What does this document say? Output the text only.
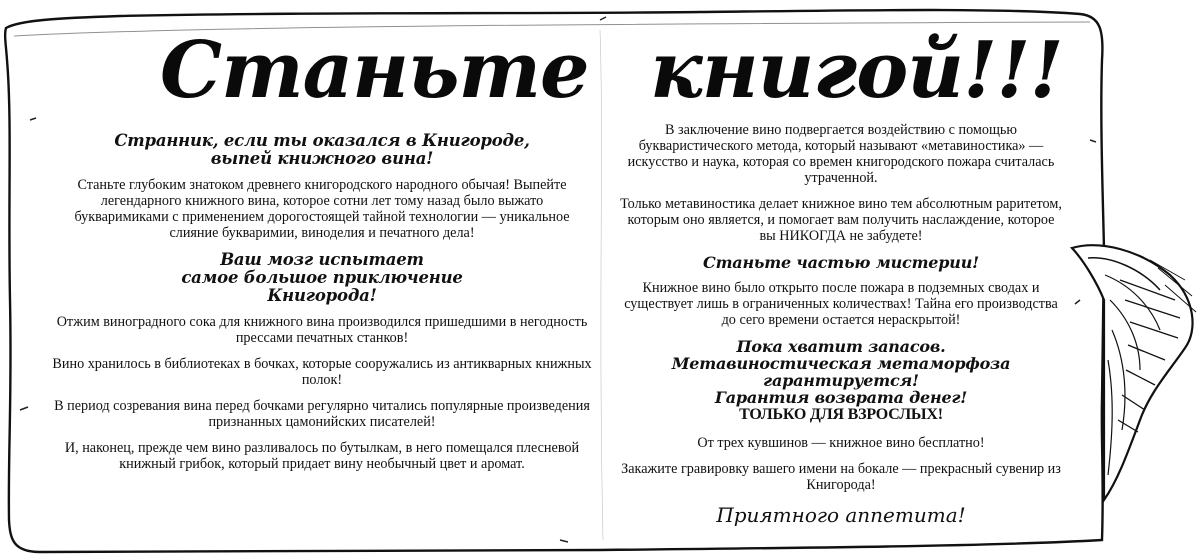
Станьте книгой!!!
Странник, если ты оказался в Книгороде,
выпей книжного вина!

Станьте глубоким знатоком древнего книгородского народного обычая! Выпейте легендарного книжного вина, которое сотни лет тому назад было выжато букваримиками с применением дорогостоящей тайной технологии — уникальное слияние букваримии, виноделия и печатного дела!

Ваш мозг испытает
самое большое приключение
Книгорода!

Отжим виноградного сока для книжного вина производился пришедшими в негодность прессами печатных станков!

Вино хранилось в библиотеках в бочках, которые сооружались из антикварных книжных полок!

В период созревания вина перед бочками регулярно читались популярные произведения признанных цамонийских писателей!

И, наконец, прежде чем вино разливалось по бутылкам, в него помещался плесневой книжный грибок, который придает вину необычный цвет и аромат.

В заключение вино подвергается воздействию с помощью букваристического метода, который называют «метавиностика» — искусство и наука, которая со времен книгородского пожара считалась утраченной.

Только метавиностика делает книжное вино тем абсолютным раритетом, которым оно является, и помогает вам получить наслаждение, которое вы НИКОГДА не забудете!

Станьте частью мистерии!

Книжное вино было открыто после пожара в подземных сводах и существует лишь в ограниченных количествах! Тайна его производства до сего времени остается нераскрытой!

Пока хватит запасов.
Метавиностическая метаморфоза гарантируется!
Гарантия возврата денег!
ТОЛЬКО ДЛЯ ВЗРОСЛЫХ!

От трех кувшинов — книжное вино бесплатно!

Закажите гравировку вашего имени на бокале — прекрасный сувенир из Книгорода!

Приятного аппетита!
